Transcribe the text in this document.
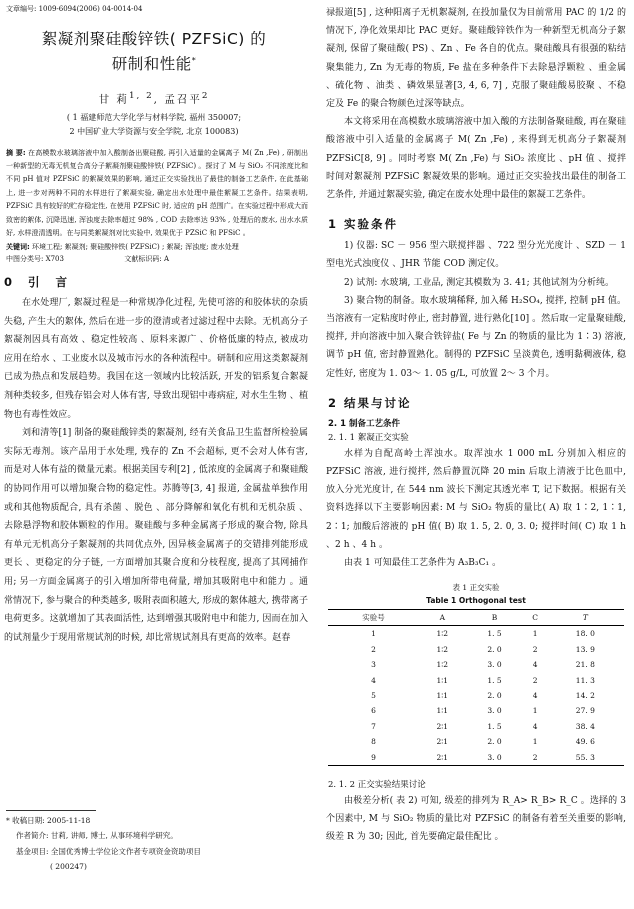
文章编号: 1009-6094(2006) 04-0014-04
絮凝剂聚硅酸锌铁( PZFSiC) 的
研制和性能*
甘 莉$^{1, 2}$, 孟召平$^2$
( 1 福建师范大学化学与材料学院, 福州 350007;
2 中国矿业大学资源与安全学院, 北京 100083)
摘 要: 在高模数水玻璃溶液中加入酸制备出聚硅酸, 再引入适量的金属离子 M( Zn ,Fe) , 研制出一种新型的无毒无机复合高分子絮凝剂聚硅酸锌铁( PZFSiC) 。探讨了 M 与 SiO₂ 不同浓度比和不同 pH 值对 PZFSiC 的絮凝效果的影响, 通过正交实验找出了最佳的制备工艺条件, 在此基础上, 进一步对两种不同的水样进行了絮凝实验, 确定出水处理中最佳絮凝工艺条件。结果表明, PZFSiC 具有较好的贮存稳定性, 在使用 PZFSiC 时, 适应的 pH 范围广。在实验过程中形成大而致密的絮体, 沉降迅速, 浑浊度去除率超过 98% , COD 去除率达 93% , 处理后的废水, 出水水质好, 水样澄清透明。在与同类絮凝剂对比实验中, 效果优于 PZSiC 和 PFSiC 。
关键词: 环境工程; 絮凝剂; 聚硅酸锌铁( PZFSiC) ; 絮凝; 浑浊度; 废水处理
中图分类号: X703	文献标识码: A
0 引 言

在水处理厂, 絮凝过程是一种常规净化过程, 先使可溶的和胶体状的杂质失稳, 产生大的絮体, 然后在进一步的澄清或者过滤过程中去除。无机高分子絮凝剂因具有高效 、稳定性较高 、原料来源广 、价格低廉的特点, 被成功应用在给水 、工业废水以及城市污水的各种流程中。研制和应用这类絮凝剂已成为热点和发展趋势。我国在这一领域内比较活跃, 开发的铝系复合絮凝剂种类较多, 但残存铝会对人体有害, 导致出现铝中毒病症, 对水生生物 、植物也有毒性效应。

刘和清等[1] 制备的聚硅酸锌类的絮凝剂, 经有关食品卫生监督所检验属实际无毒剂。该产品用于水处理, 残存的 Zn 不会超标, 更不会对人体有害, 而是对人体有益的微量元素。根据美国专利[2] , 低浓度的金属离子和聚硅酸的协同作用可以增加聚合物的稳定性。苏腾等[3, 4] 报道, 金属盐单独作用或和其他物质配合, 具有杀菌 、脱色 、部分降解和氧化有机和无机杂质 、去除悬浮物和胶体颗粒的作用。聚硅酸与多种金属离子形成的聚合物, 除具有单元无机高分子絮凝剂的共同优点外, 因异核金属离子的交错排列能形成更长 、更稳定的分子链, 一方面增加其聚合度和分枝程度, 提高了其网捕作用; 另一方面金属离子的引入增加所带电荷量, 增加其吸附电中和能力 。通常情况下, 参与聚合的种类越多, 吸附表面积越大, 形成的絮体越大, 携带离子电荷更多。这就增加了其表面活性, 达到增强其吸附电中和能力, 因而在加入的试剂量少于现用常规试剂的时候, 却比常规试剂具有更高的效率。赵春

* 收稿日期: 2005-11-18
作者简介: 甘莉, 讲师, 博士, 从事环境科学研究。
基金项目: 全国优秀博士学位论文作者专项资金资助项目
( 200247)

禄报道[5] , 这种阳离子无机絮凝剂, 在投加量仅为目前常用 PAC 的 1/2 的情况下, 净化效果却比 PAC 更好。聚硅酸锌铁作为一种新型无机高分子絮凝剂, 保留了聚硅酸( PS) 、Zn 、Fe 各自的优点。聚硅酸具有很强的粘结聚集能力, Zn 为无毒的物质, Fe 盐在多种条件下去除悬浮颗粒 、重金属 、硫化物 、油类 、磷效果显著[3, 4, 6, 7] , 克服了聚硅酸易胶聚 、不稳定及 Fe 的聚合物颜色过深等缺点。

本文将采用在高模数水玻璃溶液中加入酸的方法制备聚硅酸, 再在聚硅酸溶液中引入适量的金属离子 M( Zn ,Fe) , 来得到无机高分子絮凝剂 PZFSiC[8, 9] 。同时考察 M( Zn ,Fe) 与 SiO₂ 浓度比 、pH 值 、搅拌时间对絮凝剂 PZFSiC 絮凝效果的影响。通过正交实验找出最佳的制备工艺条件, 并通过絮凝实验, 确定在废水处理中最佳的絮凝工艺条件。

1 实验条件

1) 仪器: SC － 956 型六联搅拌器 、722 型分光光度计 、SZD － 1 型电光式浊度仪 、JHR 节能 COD 测定仪。

2) 试剂: 水玻璃, 工业品, 测定其模数为 3. 41; 其他试剂为分析纯。

3) 聚合物的制备。取水玻璃稀释, 加入稀 H₂SO₄, 搅拌, 控制 pH 值。当溶液有一定粘度时停止, 密封静置, 进行熟化[10] 。然后取一定量聚硅酸, 搅拌, 并向溶液中加入聚合铁锌盐( Fe 与 Zn 的物质的量比为 1∶3) 溶液, 调节 pH 值, 密封静置熟化。制得的 PZFSiC 呈淡黄色, 透明黏稠液体, 稳定性好, 密度为 1. 03～ 1. 05 g/L, 可放置 2～ 3 个月。

2 结果与讨论
2. 1 制备工艺条件
2. 1. 1 絮凝正交实验

水样为自配高岭土浑浊水。取浑浊水 1 000 mL 分别加入相应的 PZFSiC 溶液, 进行搅拌, 然后静置沉降 20 min 后取上清液于比色皿中, 放入分光光度计, 在 544 nm 波长下测定其透光率 T, 记下数据。根据有关资料选择以下主要影响因素: M 与 SiO₂ 物质的量比( A) 取 1∶2, 1∶1, 2∶1; 加酸后溶液的 pH 值( B) 取 1. 5, 2. 0, 3. 0; 搅拌时间( C) 取 1 h 、2 h 、4 h 。

由表 1 可知最佳工艺条件为 A₃B₃C₁ 。

表 1 正交实验
Table 1 Orthogonal test
实验号	A	B	C	T
1	1∶2	1. 5	1	18. 0
2	1∶2	2. 0	2	13. 9
3	1∶2	3. 0	4	21. 8
4	1∶1	1. 5	2	11. 3
5	1∶1	2. 0	4	14. 2
6	1∶1	3. 0	1	27. 9
7	2∶1	1. 5	4	38. 4
8	2∶1	2. 0	1	49. 6
9	2∶1	3. 0	2	55. 3
2. 1. 2 正交实验结果讨论

由极差分析( 表 2) 可知, 级差的排列为 R_A> R_B> R_C 。选择的 3 个因素中, M 与 SiO₂ 物质的量比对 PZFSiC 的制备有着至关重要的影响, 级差 R 为 30; 因此, 首先要确定最佳配比 。
